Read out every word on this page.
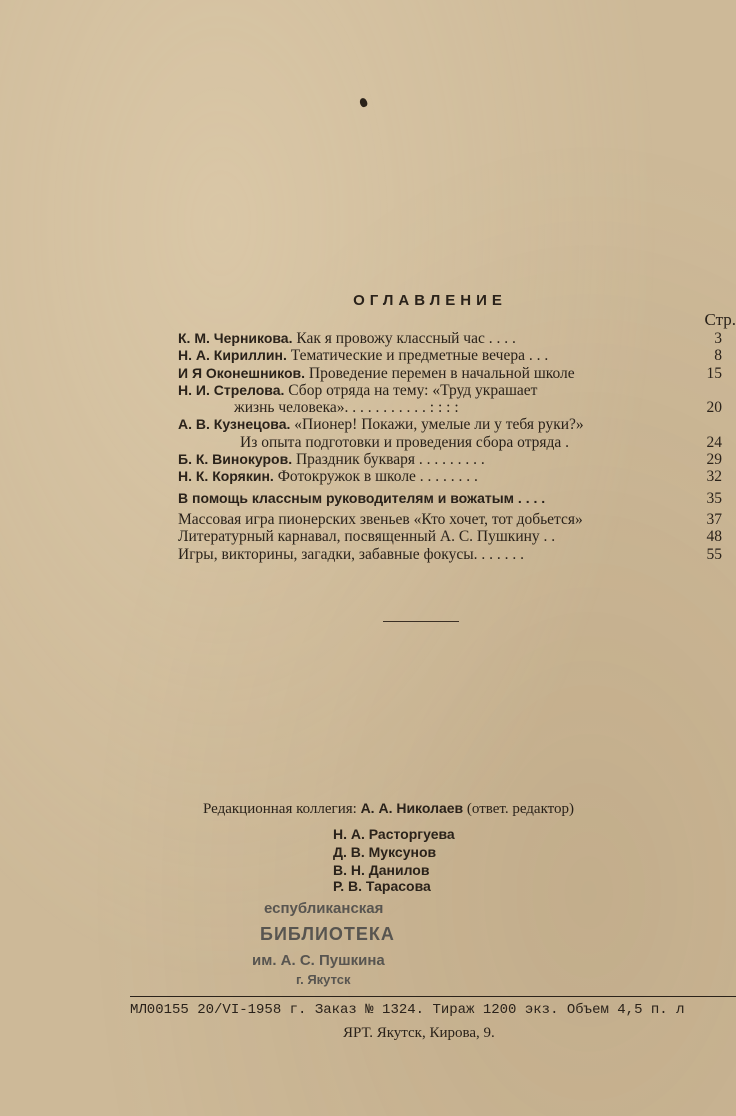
ОГЛАВЛЕНИЕ
Стр.
К. М. Черникова. Как я провожу классный час . . . .	3
Н. А. Кириллин. Тематические и предметные вечера . . .	8
И Я Оконешников. Проведение перемен в начальной школе	15
Н. И. Стрелова. Сбор отряда на тему: «Труд украшает
жизнь человека». . . . . . . . . . . : : : :	20
А. В. Кузнецова. «Пионер! Покажи, умелые ли у тебя руки?»
Из опыта подготовки и проведения сбора отряда .	24
Б. К. Винокуров. Праздник букваря . . . . . . . . .	29
Н. К. Корякин. Фотокружок в школе . . . . . . . .	32
В помощь классным руководителям и вожатым . . . .	35
Массовая игра пионерских звеньев «Кто хочет, тот добьется»	37
Литературный карнавал, посвященный А. С. Пушкину . .	48
Игры, викторины, загадки, забавные фокусы. . . . . . .	55
Редакционная коллегия: А. А. Николаев (ответ. редактор)
Н. А. Расторгуева
Д. В. Муксунов
В. Н. Данилов
Р. В. Тарасова
еспубликанская
БИБЛИОТЕКА
им. А. С. Пушкина
г. Якутск
МЛ00155 20/VI-1958 г. Заказ № 1324. Тираж 1200 экз. Объем 4,5 п. л
ЯРТ. Якутск, Кирова, 9.
